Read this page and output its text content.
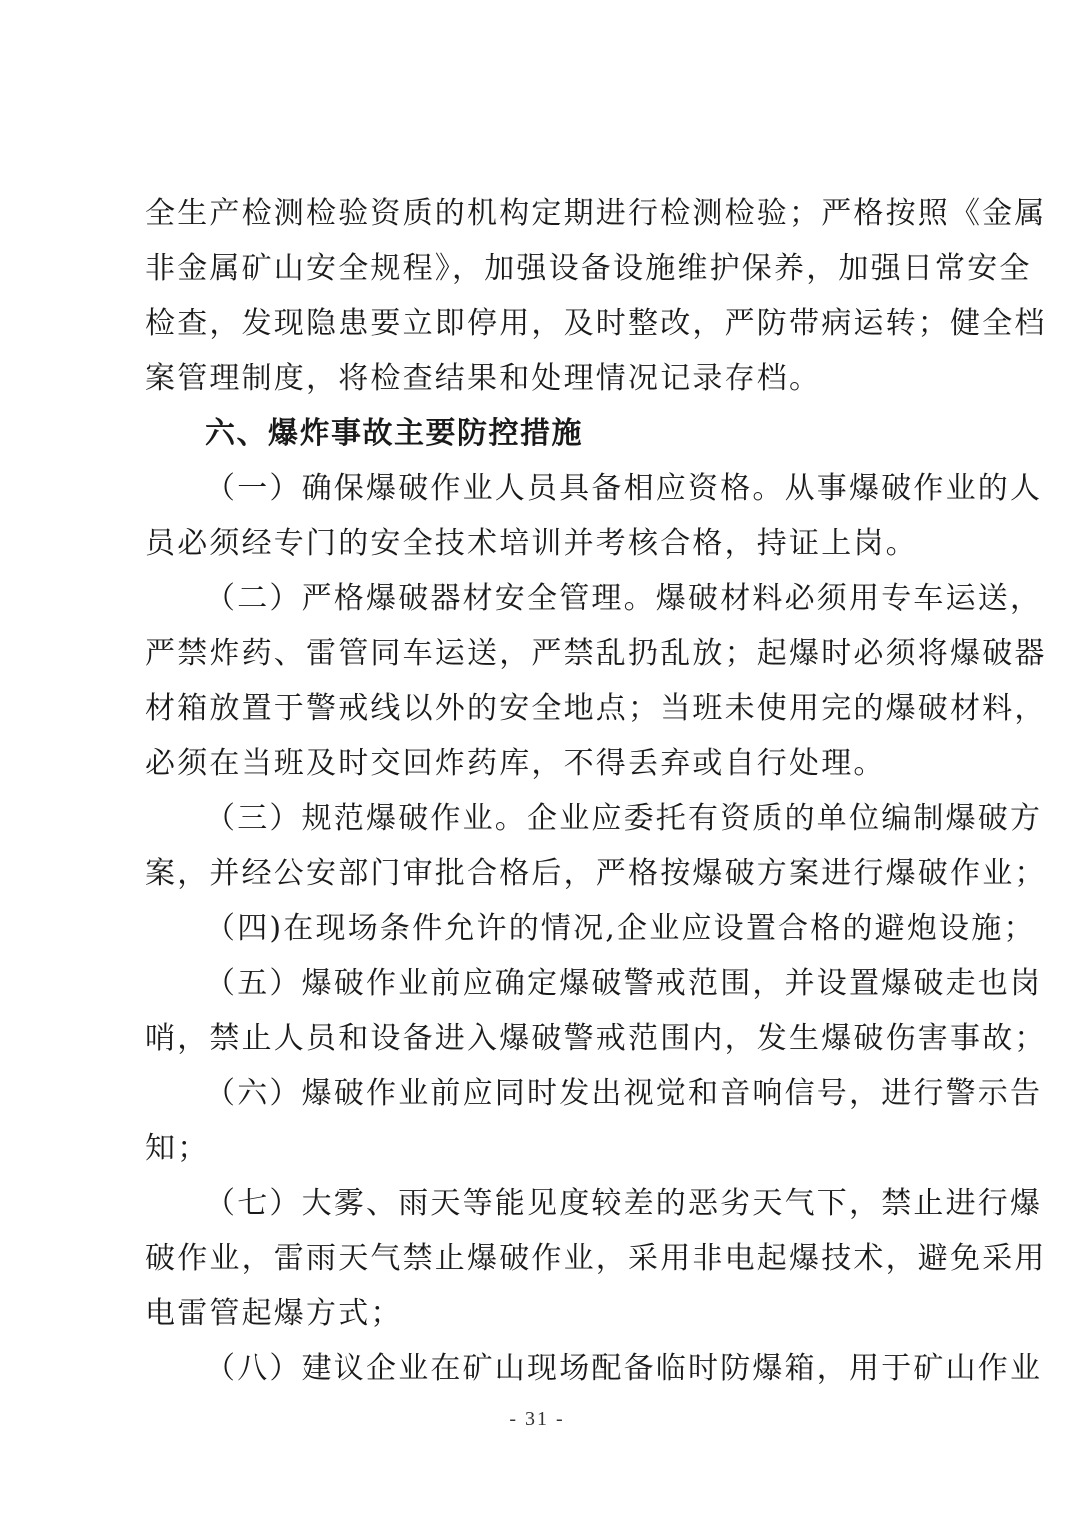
全生产检测检验资质的机构定期进行检测检验；严格按照《金属
非金属矿山安全规程》，加强设备设施维护保养，加强日常安全
检查，发现隐患要立即停用，及时整改，严防带病运转；健全档
案管理制度，将检查结果和处理情况记录存档。
六、爆炸事故主要防控措施
（一）确保爆破作业人员具备相应资格。从事爆破作业的人
员必须经专门的安全技术培训并考核合格，持证上岗。
（二）严格爆破器材安全管理。爆破材料必须用专车运送，
严禁炸药、雷管同车运送，严禁乱扔乱放；起爆时必须将爆破器
材箱放置于警戒线以外的安全地点；当班未使用完的爆破材料，
必须在当班及时交回炸药库，不得丢弃或自行处理。
（三）规范爆破作业。企业应委托有资质的单位编制爆破方
案，并经公安部门审批合格后，严格按爆破方案进行爆破作业；
（四)在现场条件允许的情况,企业应设置合格的避炮设施；
（五）爆破作业前应确定爆破警戒范围，并设置爆破走也岗
哨，禁止人员和设备进入爆破警戒范围内，发生爆破伤害事故；
（六）爆破作业前应同时发出视觉和音响信号，进行警示告
知；
（七）大雾、雨天等能见度较差的恶劣天气下，禁止进行爆
破作业，雷雨天气禁止爆破作业，采用非电起爆技术，避免采用
电雷管起爆方式；
（八）建议企业在矿山现场配备临时防爆箱，用于矿山作业
- 31 -
